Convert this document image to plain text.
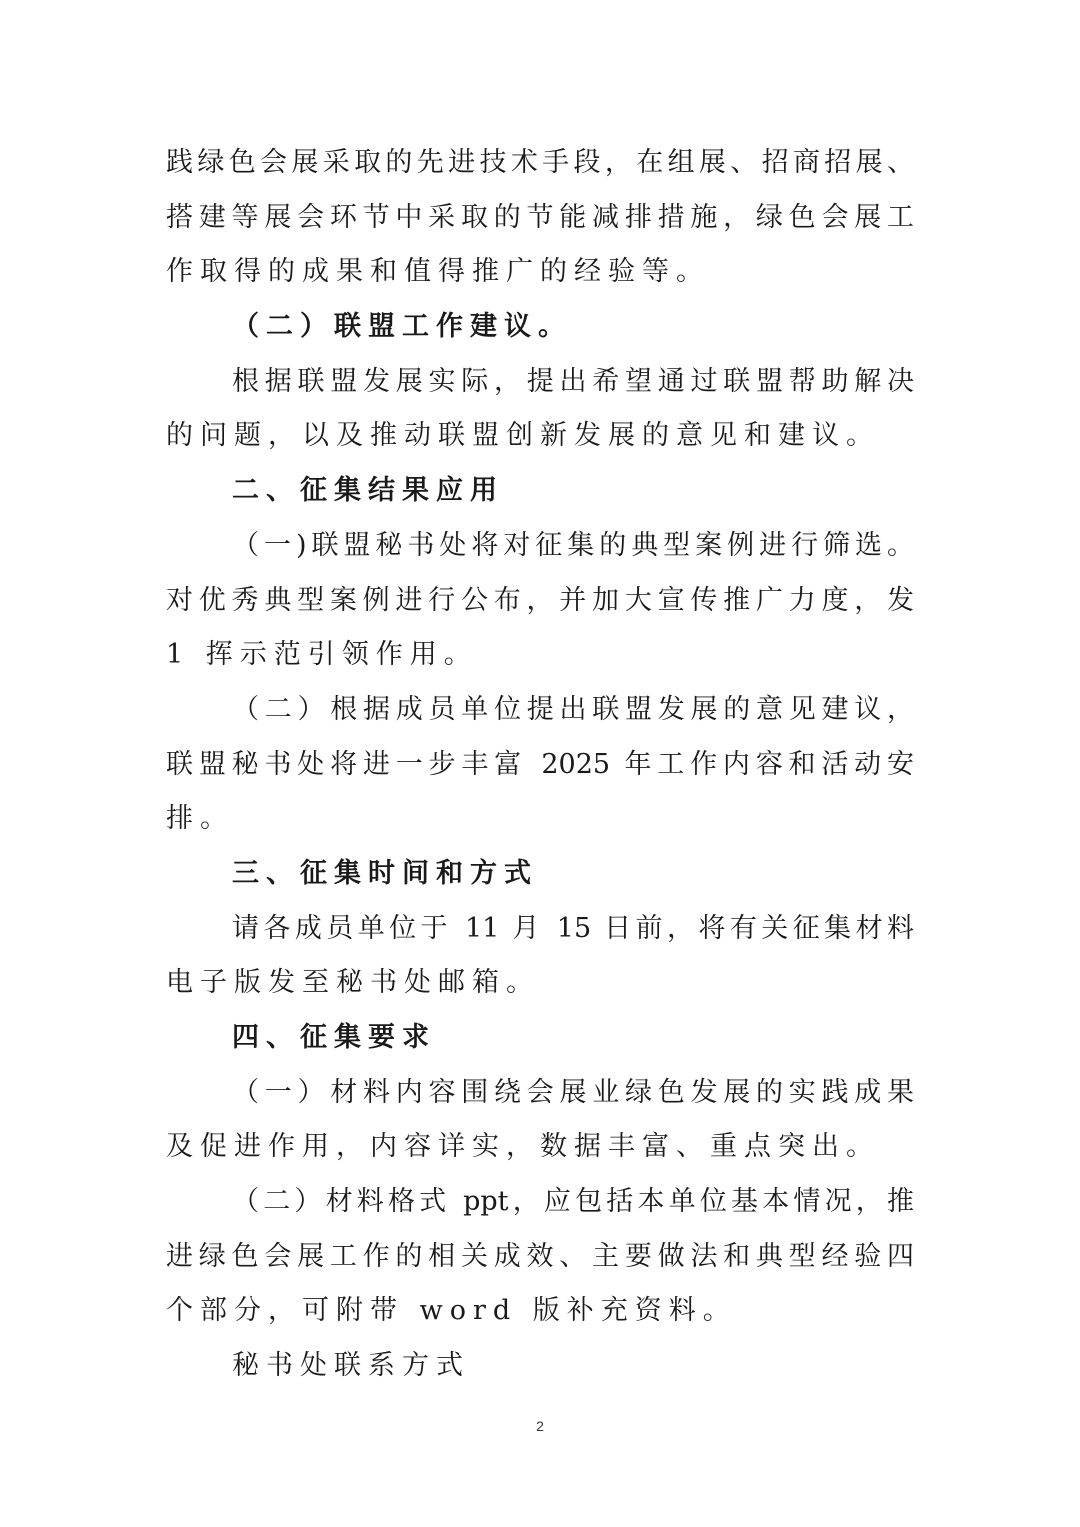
践绿色会展采取的先进技术手段，在组展、招商招展、
搭建等展会环节中采取的节能减排措施，绿色会展工
作取得的成果和值得推广的经验等。
（二）联盟工作建议。
根据联盟发展实际，提出希望通过联盟帮助解决
的问题，以及推动联盟创新发展的意见和建议。
二、征集结果应用
（一)联盟秘书处将对征集的典型案例进行筛选。
对优秀典型案例进行公布，并加大宣传推广力度，发
1 挥示范引领作用。
（二）根据成员单位提出联盟发展的意见建议，
联盟秘书处将进一步丰富 2025 年工作内容和活动安
排。
三、征集时间和方式
请各成员单位于 11 月 15 日前，将有关征集材料
电子版发至秘书处邮箱。
四、征集要求
（一）材料内容围绕会展业绿色发展的实践成果
及促进作用，内容详实，数据丰富、重点突出。
（二）材料格式 ppt，应包括本单位基本情况，推
进绿色会展工作的相关成效、主要做法和典型经验四
个部分，可附带 word 版补充资料。
秘书处联系方式
2
